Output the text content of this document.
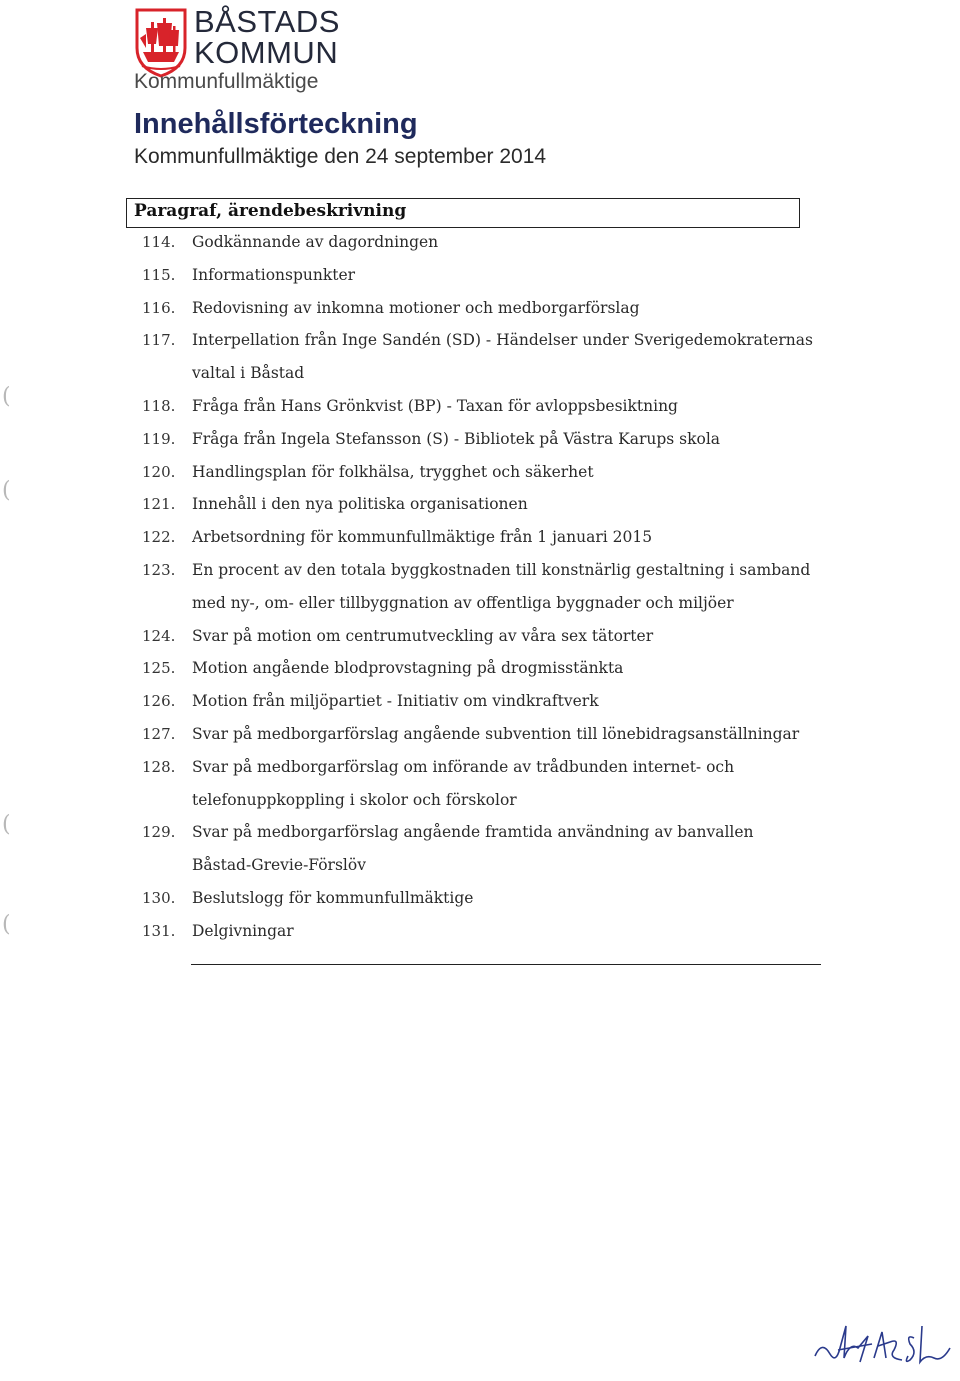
BÅSTADS
KOMMUN
Kommunfullmäktige
Innehållsförteckning
Kommunfullmäktige den 24 september 2014
Paragraf, ärendebeskrivning
114. Godkännande av dagordningen
115. Informationspunkter
116. Redovisning av inkomna motioner och medborgarförslag
117. Interpellation från Inge Sandén (SD) - Händelser under Sverigedemokraternas
valtal i Båstad
118. Fråga från Hans Grönkvist (BP) - Taxan för avloppsbesiktning
119. Fråga från Ingela Stefansson (S) - Bibliotek på Västra Karups skola
120. Handlingsplan för folkhälsa, trygghet och säkerhet
121. Innehåll i den nya politiska organisationen
122. Arbetsordning för kommunfullmäktige från 1 januari 2015
123. En procent av den totala byggkostnaden till konstnärlig gestaltning i samband
med ny-, om- eller tillbyggnation av offentliga byggnader och miljöer
124. Svar på motion om centrumutveckling av våra sex tätorter
125. Motion angående blodprovstagning på drogmisstänkta
126. Motion från miljöpartiet - Initiativ om vindkraftverk
127. Svar på medborgarförslag angående subvention till lönebidragsanställningar
128. Svar på medborgarförslag om införande av trådbunden internet- och
telefonuppkoppling i skolor och förskolor
129. Svar på medborgarförslag angående framtida användning av banvallen
Båstad-Grevie-Förslöv
130. Beslutslogg för kommunfullmäktige
131. Delgivningar
(
(
(
(
